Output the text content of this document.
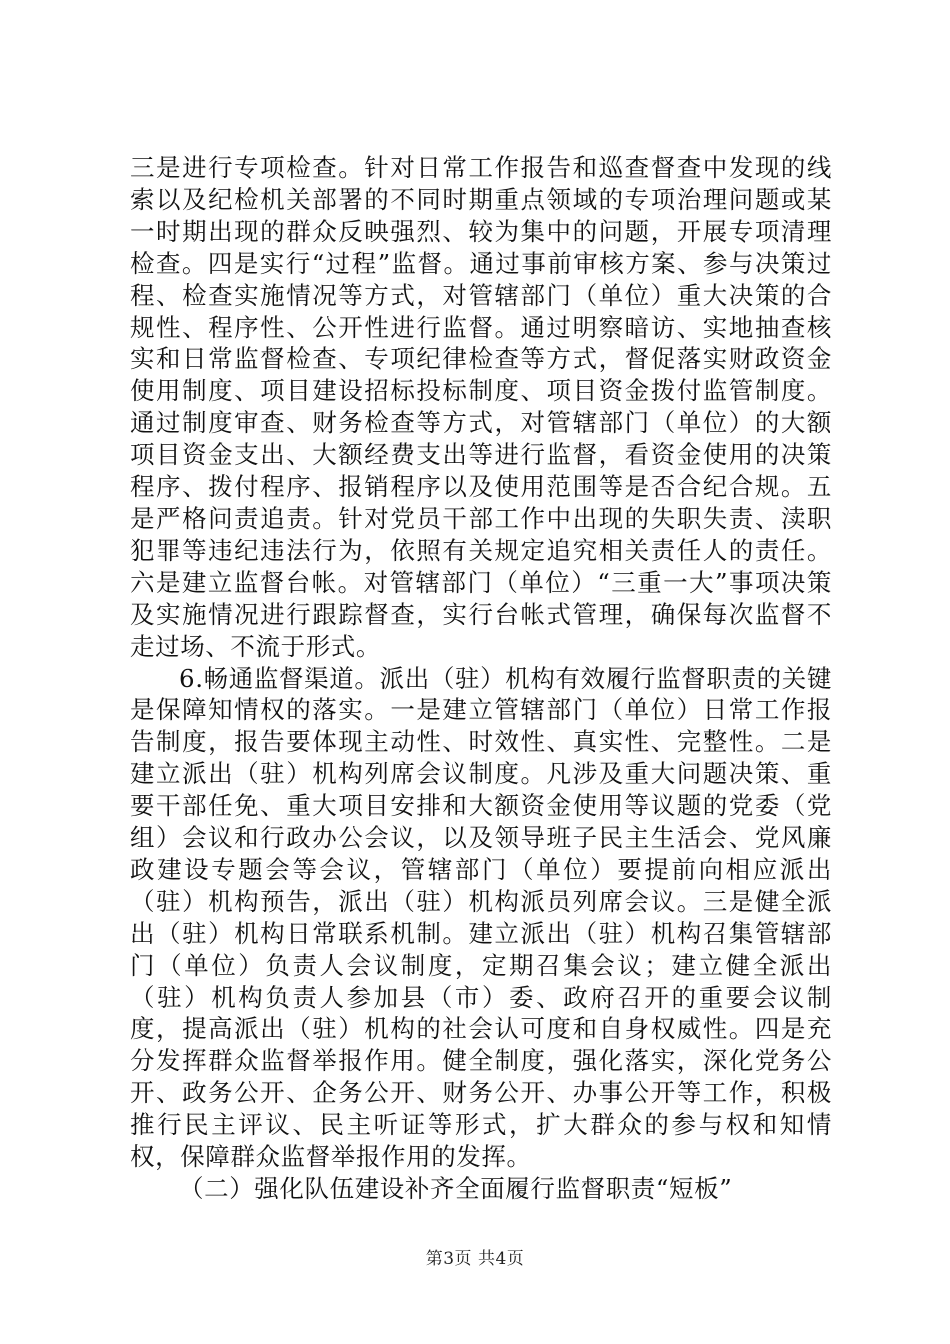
三是进行专项检查。针对日常工作报告和巡查督查中发现的线索以及纪检机关部署的不同时期重点领域的专项治理问题或某一时期出现的群众反映强烈、较为集中的问题，开展专项清理检查。四是实行“过程”监督。通过事前审核方案、参与决策过程、检查实施情况等方式，对管辖部门（单位）重大决策的合规性、程序性、公开性进行监督。通过明察暗访、实地抽查核实和日常监督检查、专项纪律检查等方式，督促落实财政资金使用制度、项目建设招标投标制度、项目资金拨付监管制度。通过制度审查、财务检查等方式，对管辖部门（单位）的大额项目资金支出、大额经费支出等进行监督，看资金使用的决策程序、拨付程序、报销程序以及使用范围等是否合纪合规。五是严格问责追责。针对党员干部工作中出现的失职失责、渎职犯罪等违纪违法行为，依照有关规定追究相关责任人的责任。六是建立监督台帐。对管辖部门（单位）“三重一大”事项决策及实施情况进行跟踪督查，实行台帐式管理，确保每次监督不走过场、不流于形式。

6.畅通监督渠道。派出（驻）机构有效履行监督职责的关键是保障知情权的落实。一是建立管辖部门（单位）日常工作报告制度，报告要体现主动性、时效性、真实性、完整性。二是建立派出（驻）机构列席会议制度。凡涉及重大问题决策、重要干部任免、重大项目安排和大额资金使用等议题的党委（党组）会议和行政办公会议，以及领导班子民主生活会、党风廉政建设专题会等会议，管辖部门（单位）要提前向相应派出（驻）机构预告，派出（驻）机构派员列席会议。三是健全派出（驻）机构日常联系机制。建立派出（驻）机构召集管辖部门（单位）负责人会议制度，定期召集会议；建立健全派出（驻）机构负责人参加县（市）委、政府召开的重要会议制度，提高派出（驻）机构的社会认可度和自身权威性。四是充分发挥群众监督举报作用。健全制度，强化落实，深化党务公开、政务公开、企务公开、财务公开、办事公开等工作，积极推行民主评议、民主听证等形式，扩大群众的参与权和知情权，保障群众监督举报作用的发挥。

（二）强化队伍建设补齐全面履行监督职责“短板”

第3页 共4页
